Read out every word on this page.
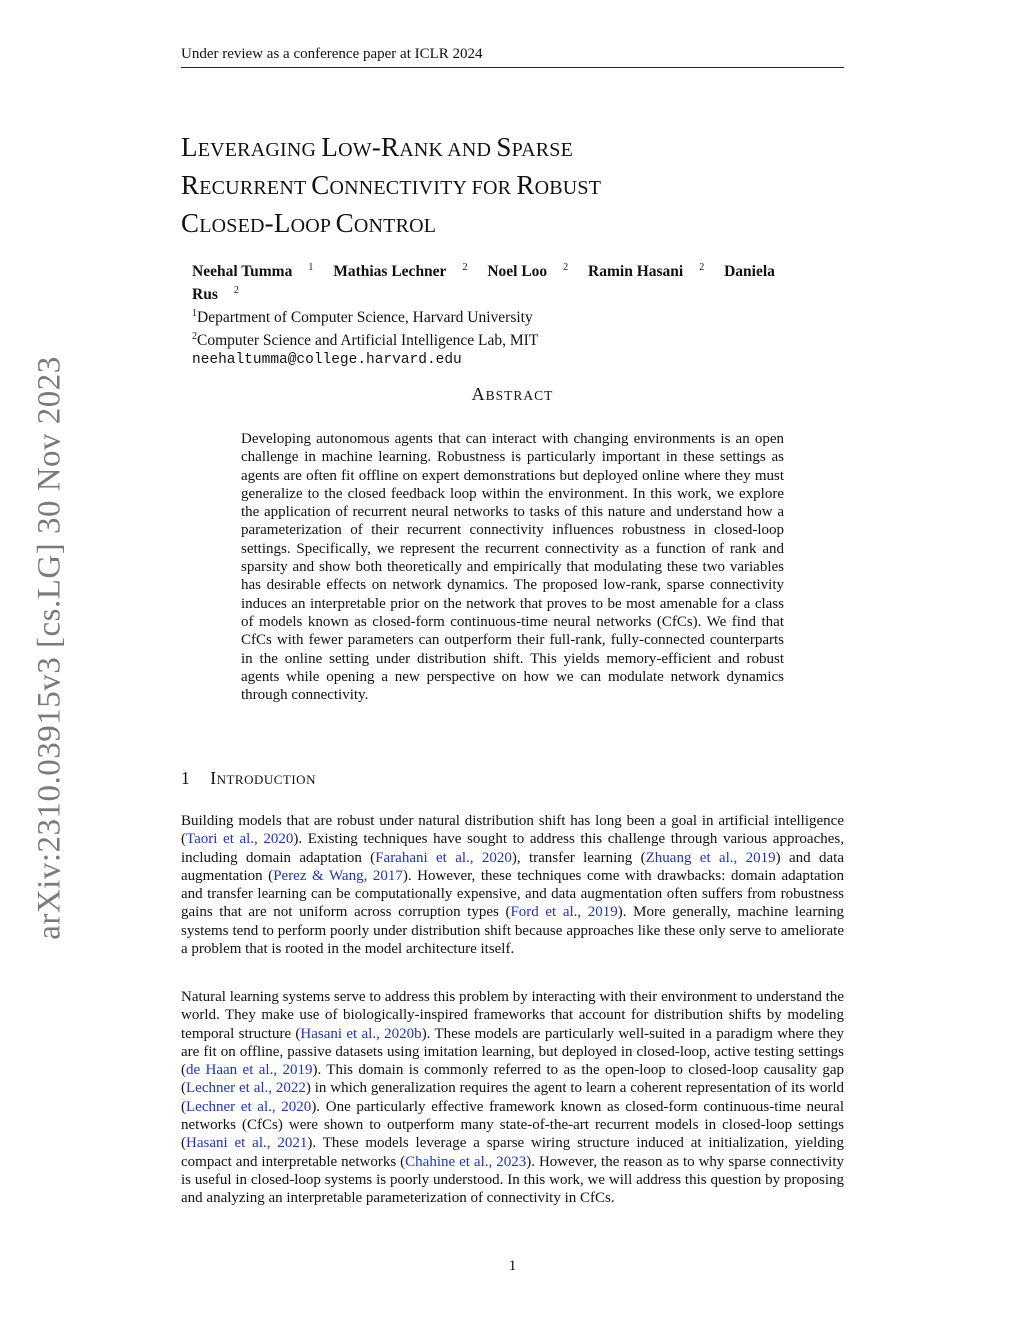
Under review as a conference paper at ICLR 2024
LEVERAGING LOW-RANK AND SPARSE
RECURRENT CONNECTIVITY FOR ROBUST
CLOSED-LOOP CONTROL
Neehal Tumma $^1$ Mathias Lechner $^2$ Noel Loo $^2$ Ramin Hasani $^2$ Daniela Rus $^2$
$^1$Department of Computer Science, Harvard University
$^2$Computer Science and Artificial Intelligence Lab, MIT
neehaltumma@college.harvard.edu
arXiv:2310.03915v3 [cs.LG] 30 Nov 2023	ABSTRACT
Developing autonomous agents that can interact with changing environments is an open challenge in machine learning. Robustness is particularly important in these settings as agents are often fit offline on expert demonstrations but deployed online where they must generalize to the closed feedback loop within the environment. In this work, we explore the application of recurrent neural networks to tasks of this nature and understand how a parameterization of their recurrent connectivity influences robustness in closed-loop settings. Specifically, we represent the recurrent connectivity as a function of rank and sparsity and show both theoretically and empirically that modulating these two variables has desirable effects on network dynamics. The proposed low-rank, sparse connectivity induces an interpretable prior on the network that proves to be most amenable for a class of models known as closed-form continuous-time neural networks (CfCs). We find that CfCs with fewer parameters can outperform their full-rank, fully-connected counterparts in the online setting under distribution shift. This yields memory-efficient and robust agents while opening a new perspective on how we can modulate network dynamics through connectivity.
1 INTRODUCTION

Building models that are robust under natural distribution shift has long been a goal in artificial intelligence (Taori et al., 2020). Existing techniques have sought to address this challenge through various approaches, including domain adaptation (Farahani et al., 2020), transfer learning (Zhuang et al., 2019) and data augmentation (Perez & Wang, 2017). However, these techniques come with drawbacks: domain adaptation and transfer learning can be computationally expensive, and data augmentation often suffers from robustness gains that are not uniform across corruption types (Ford et al., 2019). More generally, machine learning systems tend to perform poorly under distribution shift because approaches like these only serve to ameliorate a problem that is rooted in the model architecture itself.

Natural learning systems serve to address this problem by interacting with their environment to understand the world. They make use of biologically-inspired frameworks that account for distribution shifts by modeling temporal structure (Hasani et al., 2020b). These models are particularly well-suited in a paradigm where they are fit on offline, passive datasets using imitation learning, but deployed in closed-loop, active testing settings (de Haan et al., 2019). This domain is commonly referred to as the open-loop to closed-loop causality gap (Lechner et al., 2022) in which generalization requires the agent to learn a coherent representation of its world (Lechner et al., 2020). One particularly effective framework known as closed-form continuous-time neural networks (CfCs) were shown to outperform many state-of-the-art recurrent models in closed-loop settings (Hasani et al., 2021). These models leverage a sparse wiring structure induced at initialization, yielding compact and interpretable networks (Chahine et al., 2023). However, the reason as to why sparse connectivity is useful in closed-loop systems is poorly understood. In this work, we will address this question by proposing and analyzing an interpretable parameterization of connectivity in CfCs.

1
